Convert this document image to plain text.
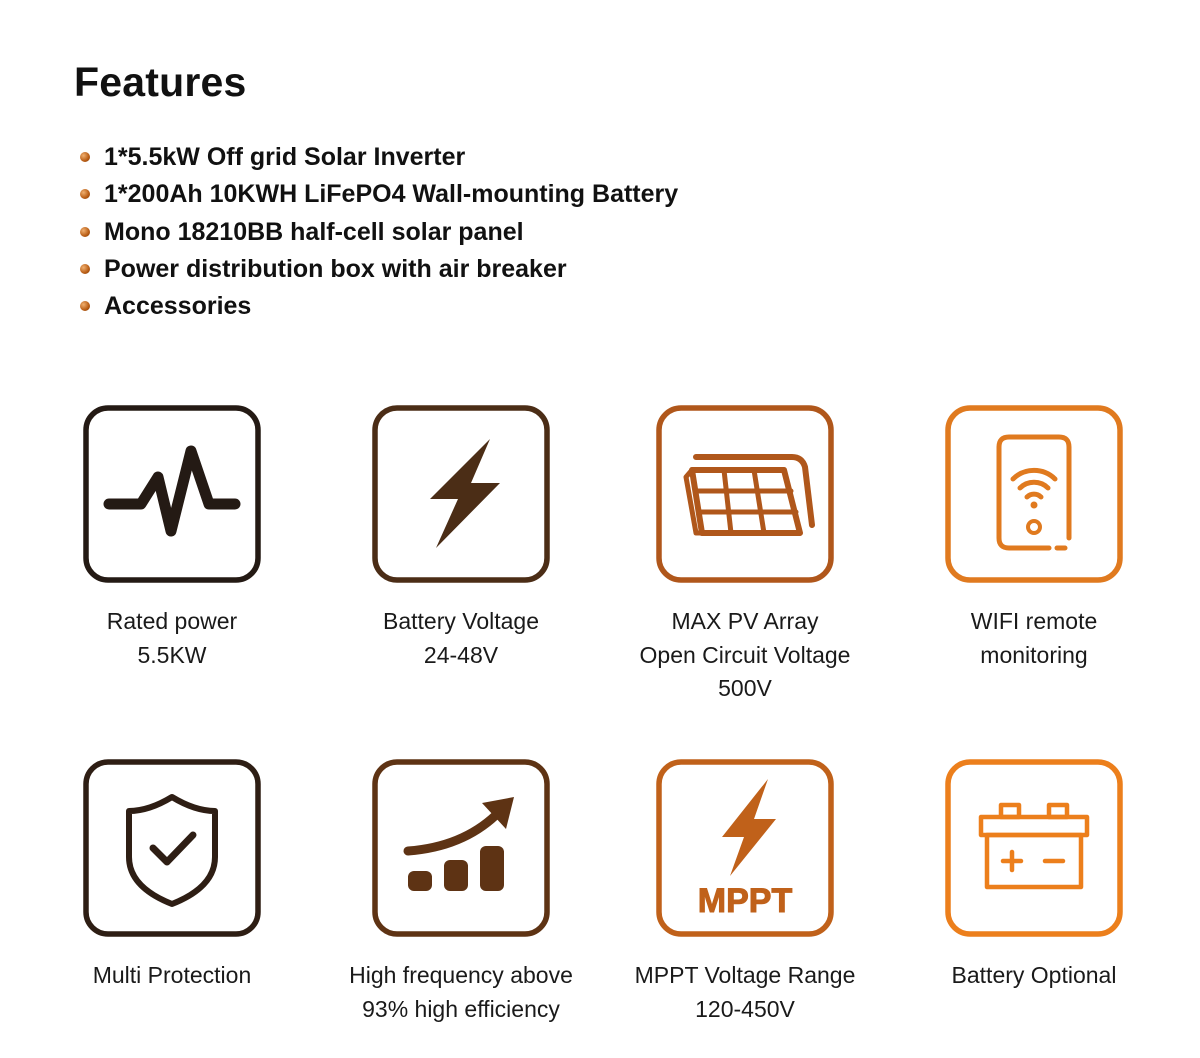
Features
1*5.5kW Off grid Solar Inverter
1*200Ah 10KWH LiFePO4 Wall-mounting Battery
Mono 18210BB half-cell solar panel
Power distribution box with air breaker
Accessories
Rated power
5.5KW
Battery Voltage
24-48V
MAX PV Array
Open Circuit Voltage
500V
WIFI remote
monitoring
Multi Protection	High frequency above
93% high efficiency
MPPT
MPPT Voltage Range
120-450V
Battery Optional
